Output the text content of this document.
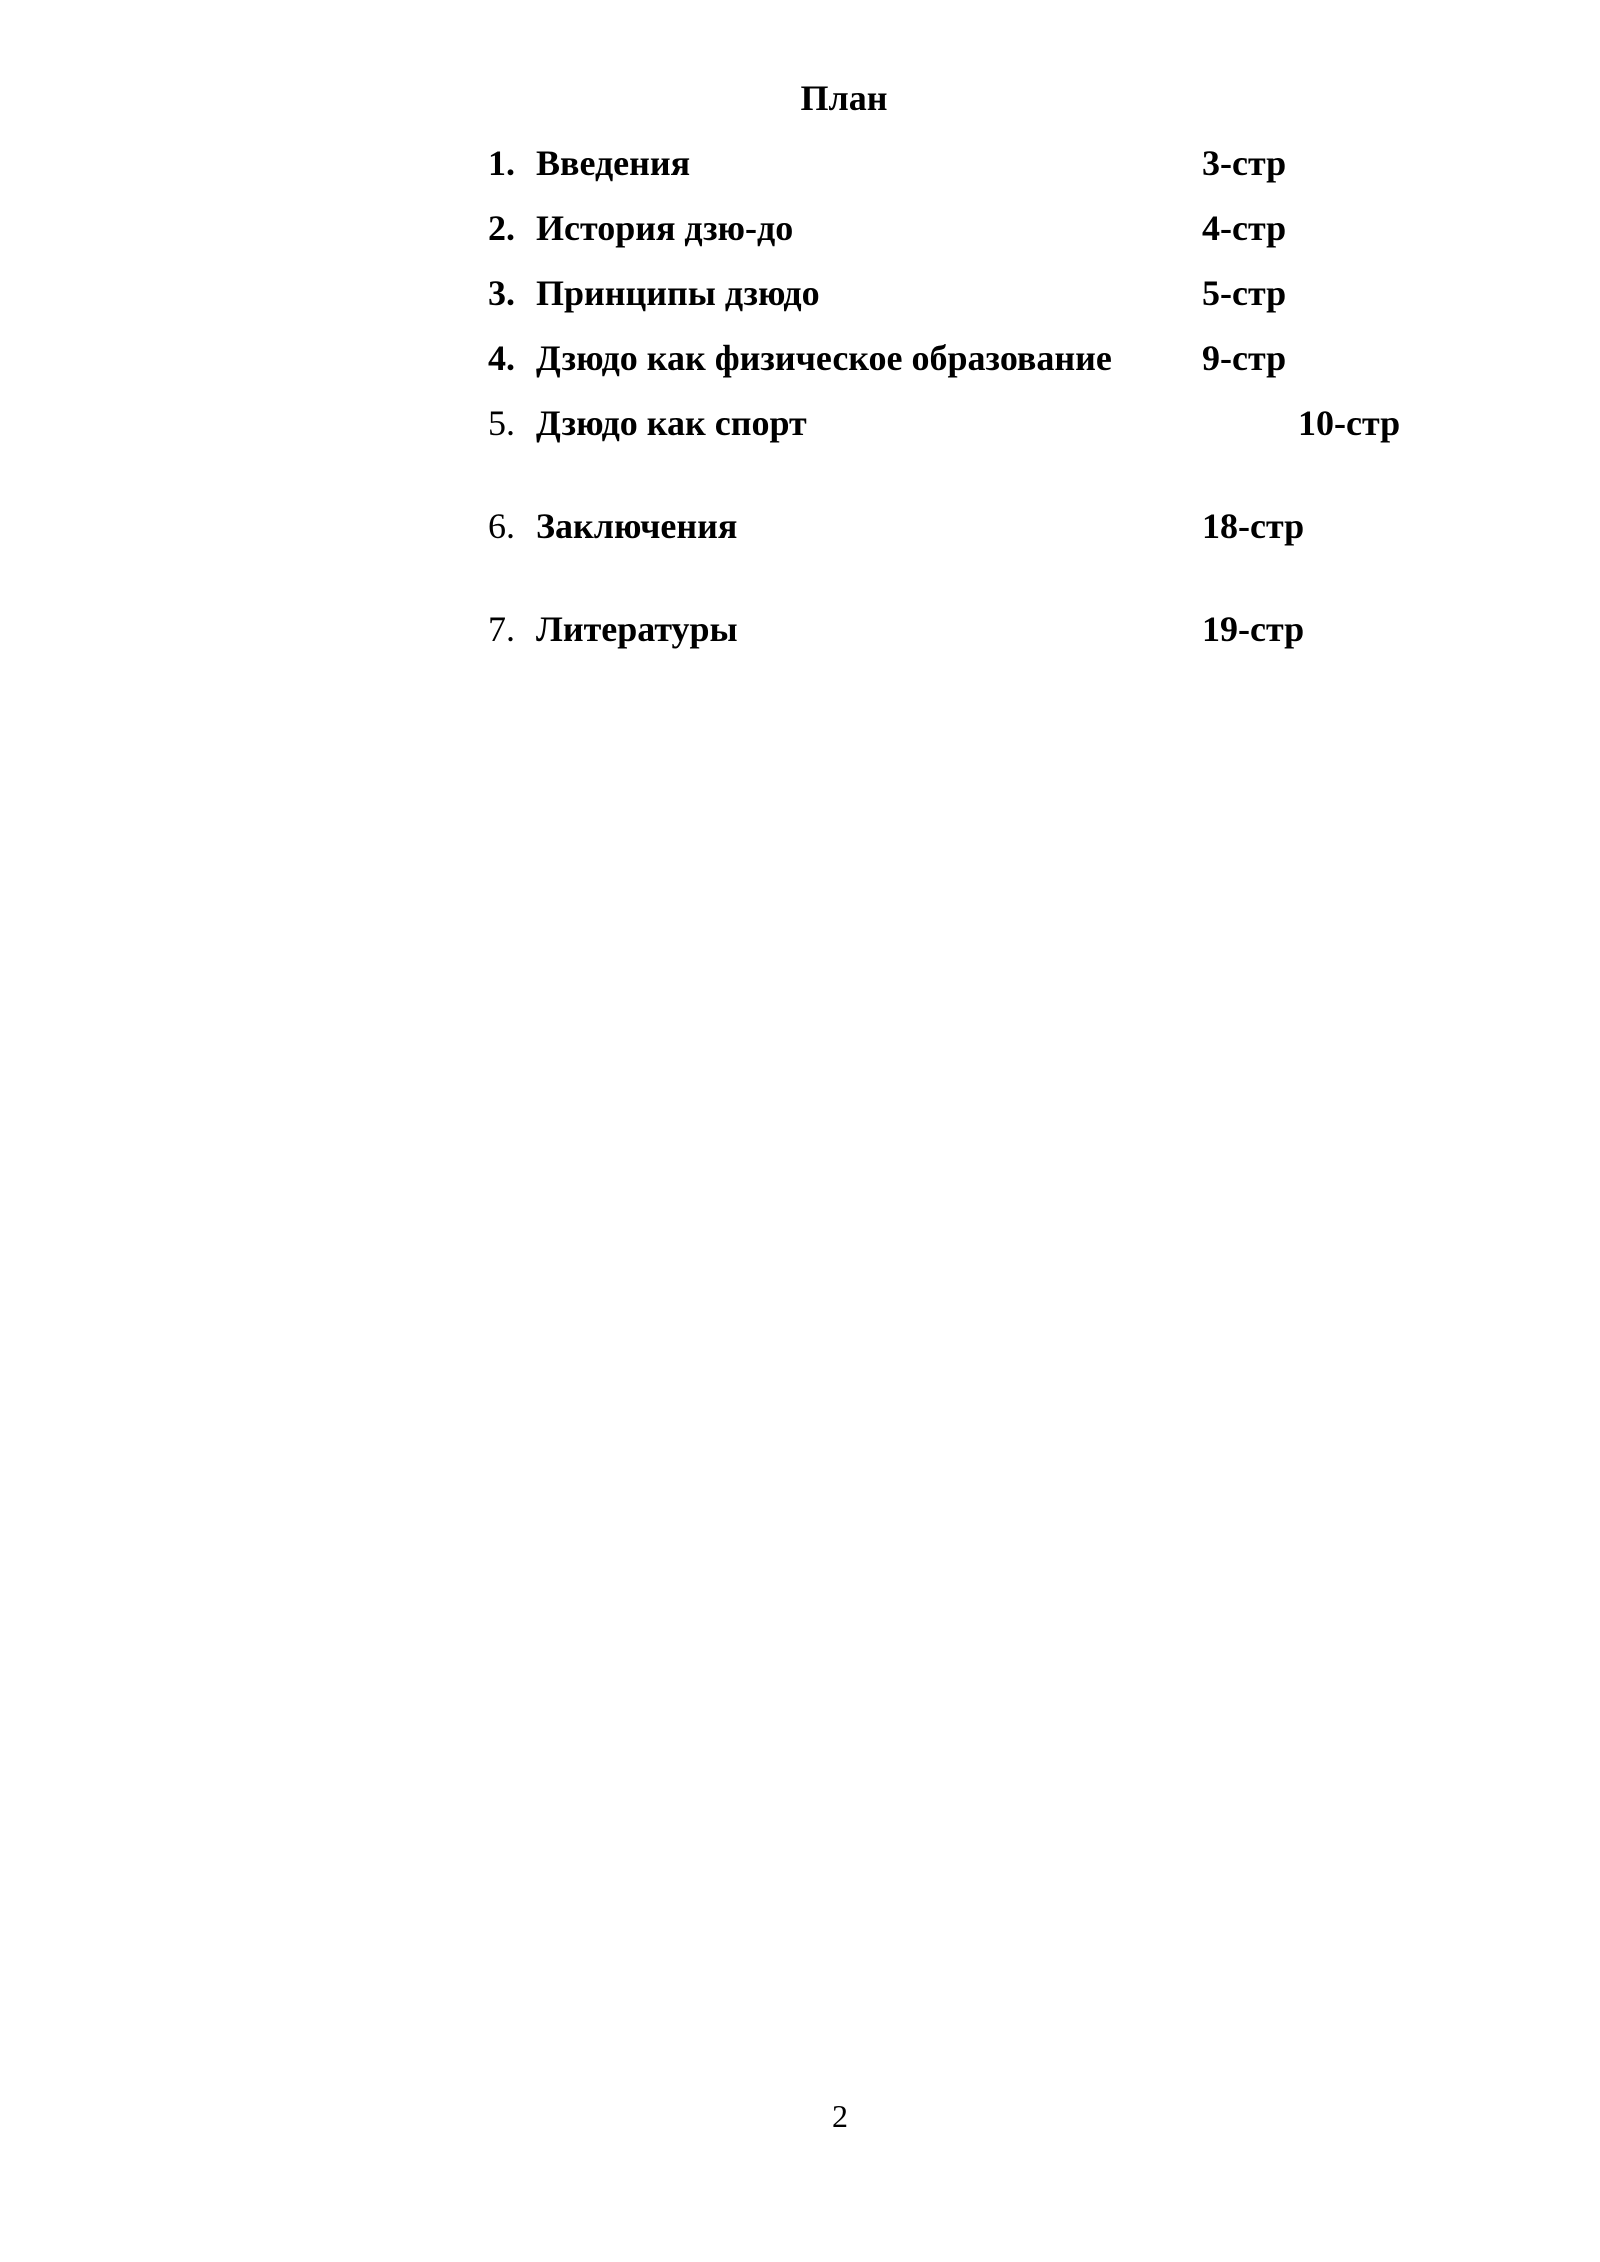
План
1. Введения	3-стр
2. История дзю-до	4-стр
3. Принципы дзюдо	5-стр
4. Дзюдо как физическое образование	9-стр
5. Дзюдо как спорт	10-стр
6. Заключения	18-стр
7. Литературы	19-стр
2
